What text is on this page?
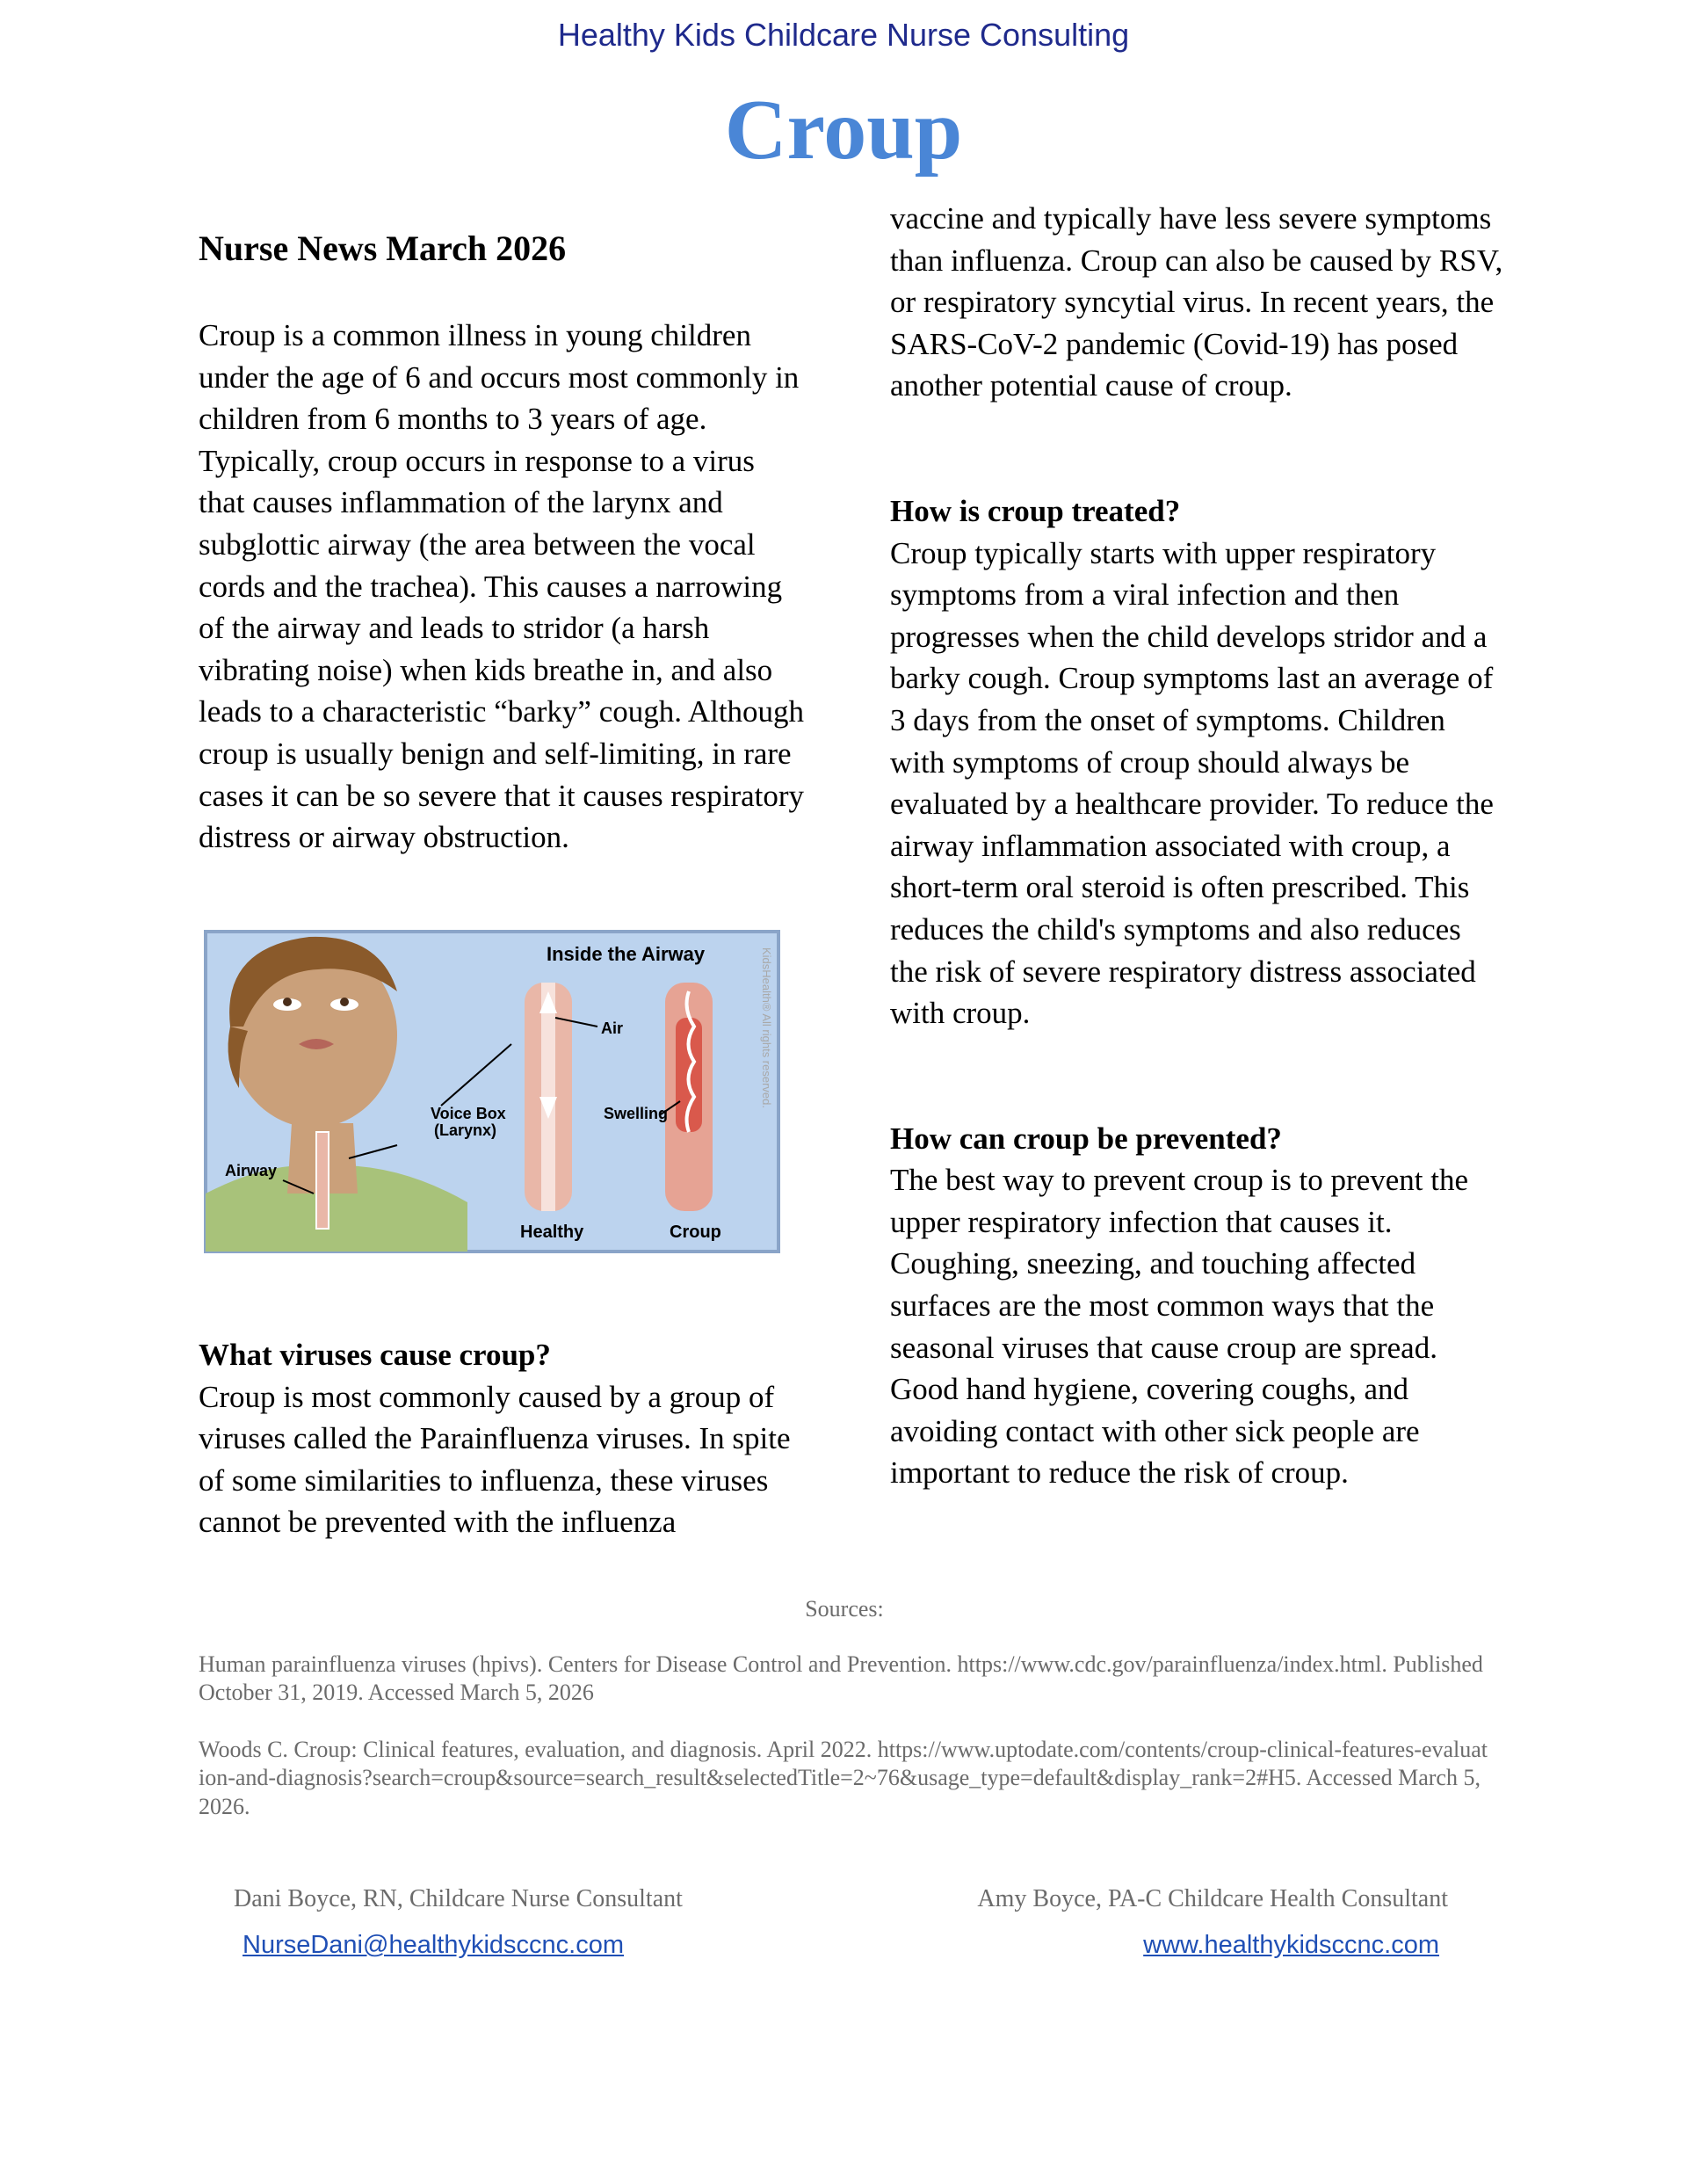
Healthy Kids Childcare Nurse Consulting
Croup
Nurse News March 2026

Croup is a common illness in young children under the age of 6 and occurs most commonly in children from 6 months to 3 years of age. Typically, croup occurs in response to a virus that causes inflammation of the larynx and subglottic airway (the area between the vocal cords and the trachea). This causes a narrowing of the airway and leads to stridor (a harsh vibrating noise) when kids breathe in, and also leads to a characteristic “barky” cough. Although croup is usually benign and self-limiting, in rare cases it can be so severe that it causes respiratory distress or airway obstruction.

Inside the Airway
Air
Voice Box
(Larynx)
Swelling
Airway
Healthy	Croup
KidsHealth® All rights reserved.
What viruses cause croup?

Croup is most commonly caused by a group of viruses called the Parainfluenza viruses. In spite of some similarities to influenza, these viruses cannot be prevented with the influenza

vaccine and typically have less severe symptoms than influenza. Croup can also be caused by RSV, or respiratory syncytial virus. In recent years, the SARS-CoV-2 pandemic (Covid-19) has posed another potential cause of croup.

How is croup treated?

Croup typically starts with upper respiratory symptoms from a viral infection and then progresses when the child develops stridor and a barky cough. Croup symptoms last an average of 3 days from the onset of symptoms. Children with symptoms of croup should always be evaluated by a healthcare provider. To reduce the airway inflammation associated with croup, a short-term oral steroid is often prescribed. This reduces the child's symptoms and also reduces the risk of severe respiratory distress associated with croup.

How can croup be prevented?

The best way to prevent croup is to prevent the upper respiratory infection that causes it. Coughing, sneezing, and touching affected surfaces are the most common ways that the seasonal viruses that cause croup are spread. Good hand hygiene, covering coughs, and avoiding contact with other sick people are important to reduce the risk of croup.

Sources:
Human parainfluenza viruses (hpivs). Centers for Disease Control and Prevention. https://www.cdc.gov/parainfluenza/index.html. Published October 31, 2019. Accessed March 5, 2026
Woods C. Croup: Clinical features, evaluation, and diagnosis. April 2022. https://www.uptodate.com/contents/croup-clinical-features-evaluation-and-diagnosis?search=croup&source=search_result&selectedTitle=2~76&usage_type=default&display_rank=2#H5. Accessed March 5, 2026.
Dani Boyce, RN, Childcare Nurse Consultant
NurseDani@healthykidsccnc.com
Amy Boyce, PA-C Childcare Health Consultant
www.healthykidsccnc.com
